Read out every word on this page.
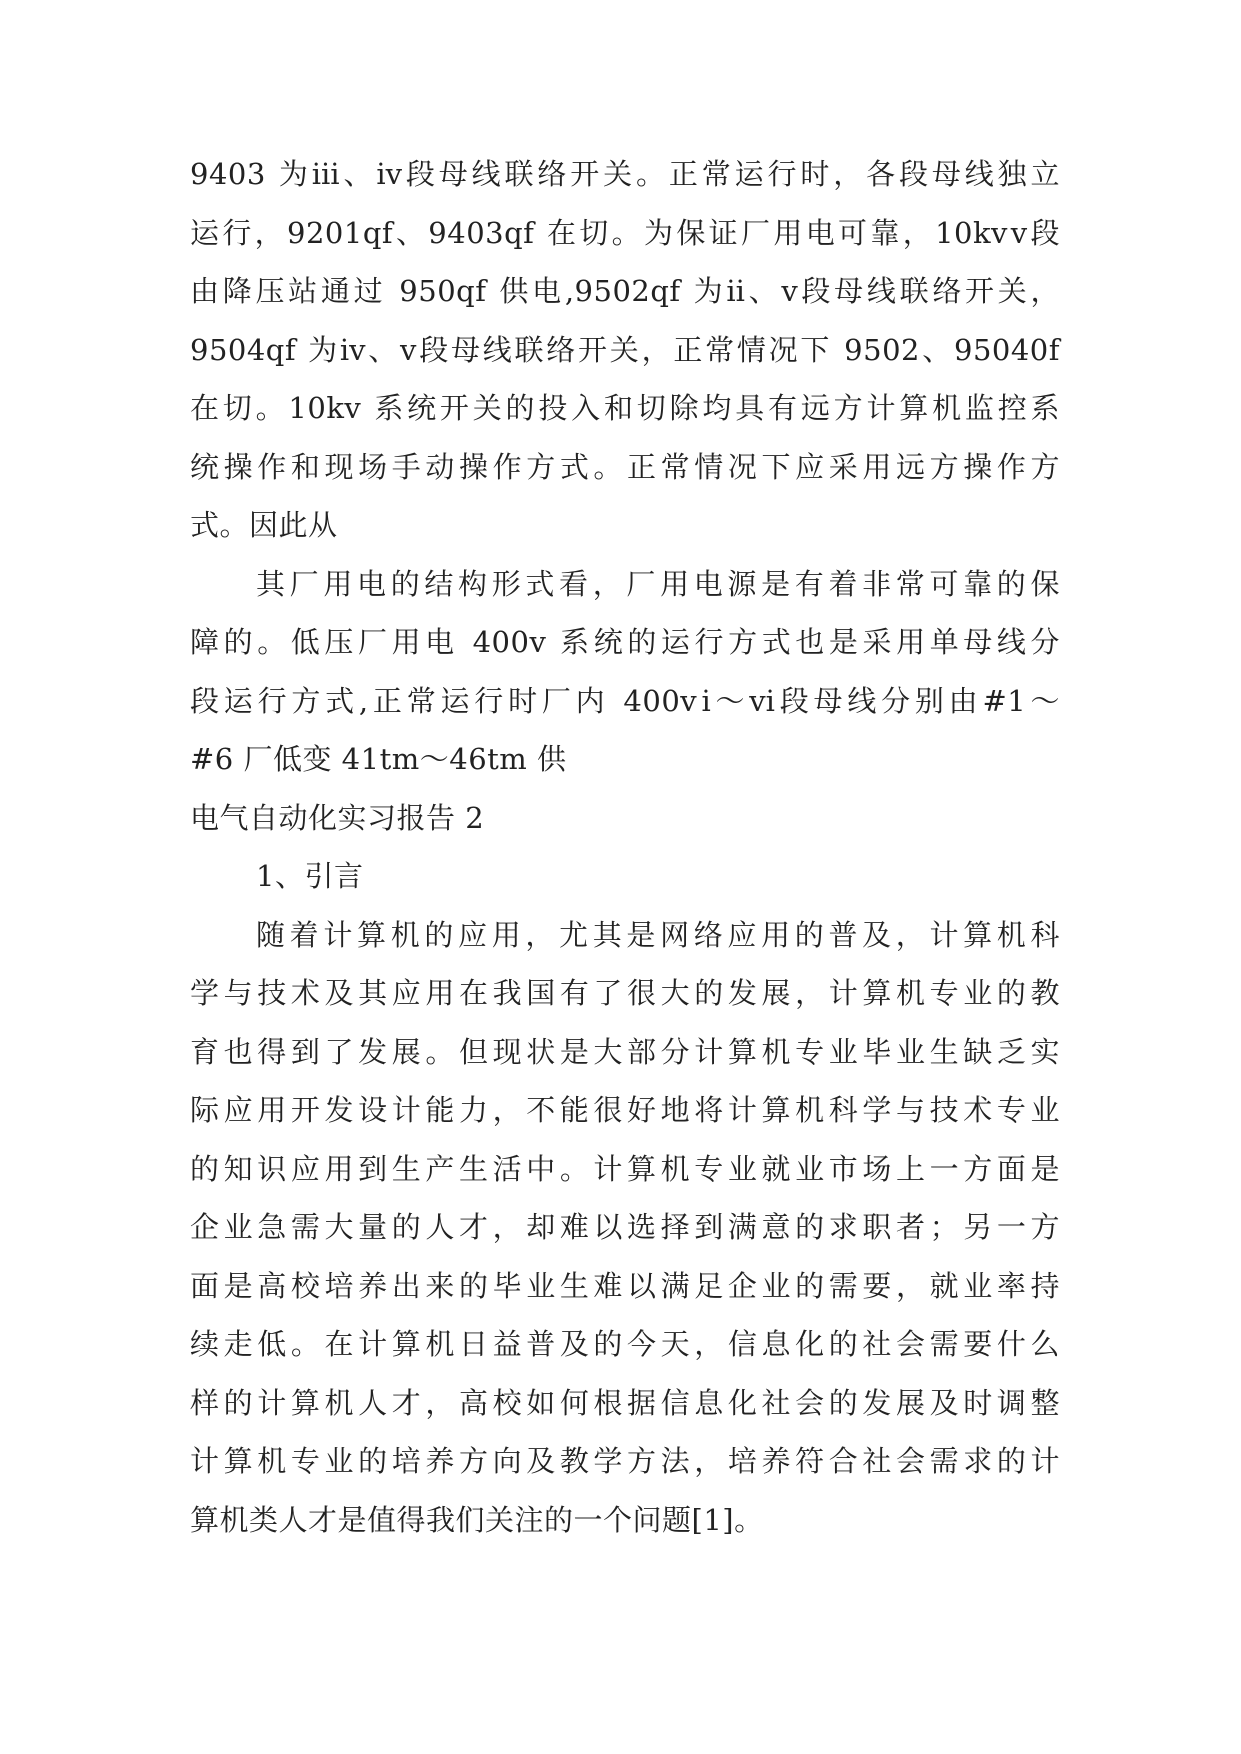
9403 为ⅲ、ⅳ段母线联络开关。正常运行时，各段母线独立
运行，9201qf、9403qf 在切。为保证厂用电可靠，10kvⅴ段
由降压站通过 950qf 供电,9502qf 为ⅱ、ⅴ段母线联络开关，
9504qf 为ⅳ、ⅴ段母线联络开关，正常情况下 9502、95040f
在切。10kv 系统开关的投入和切除均具有远方计算机监控系
统操作和现场手动操作方式。正常情况下应采用远方操作方
式。因此从
其厂用电的结构形式看，厂用电源是有着非常可靠的保
障的。低压厂用电 400v 系统的运行方式也是采用单母线分
段运行方式,正常运行时厂内 400vⅰ～ⅵ段母线分别由#1～
#6 厂低变 41tm～46tm 供
电气自动化实习报告 2
1、引言
随着计算机的应用，尤其是网络应用的普及，计算机科
学与技术及其应用在我国有了很大的发展，计算机专业的教
育也得到了发展。但现状是大部分计算机专业毕业生缺乏实
际应用开发设计能力，不能很好地将计算机科学与技术专业
的知识应用到生产生活中。计算机专业就业市场上一方面是
企业急需大量的人才，却难以选择到满意的求职者；另一方
面是高校培养出来的毕业生难以满足企业的需要，就业率持
续走低。在计算机日益普及的今天，信息化的社会需要什么
样的计算机人才，高校如何根据信息化社会的发展及时调整
计算机专业的培养方向及教学方法，培养符合社会需求的计
算机类人才是值得我们关注的一个问题[1]。
